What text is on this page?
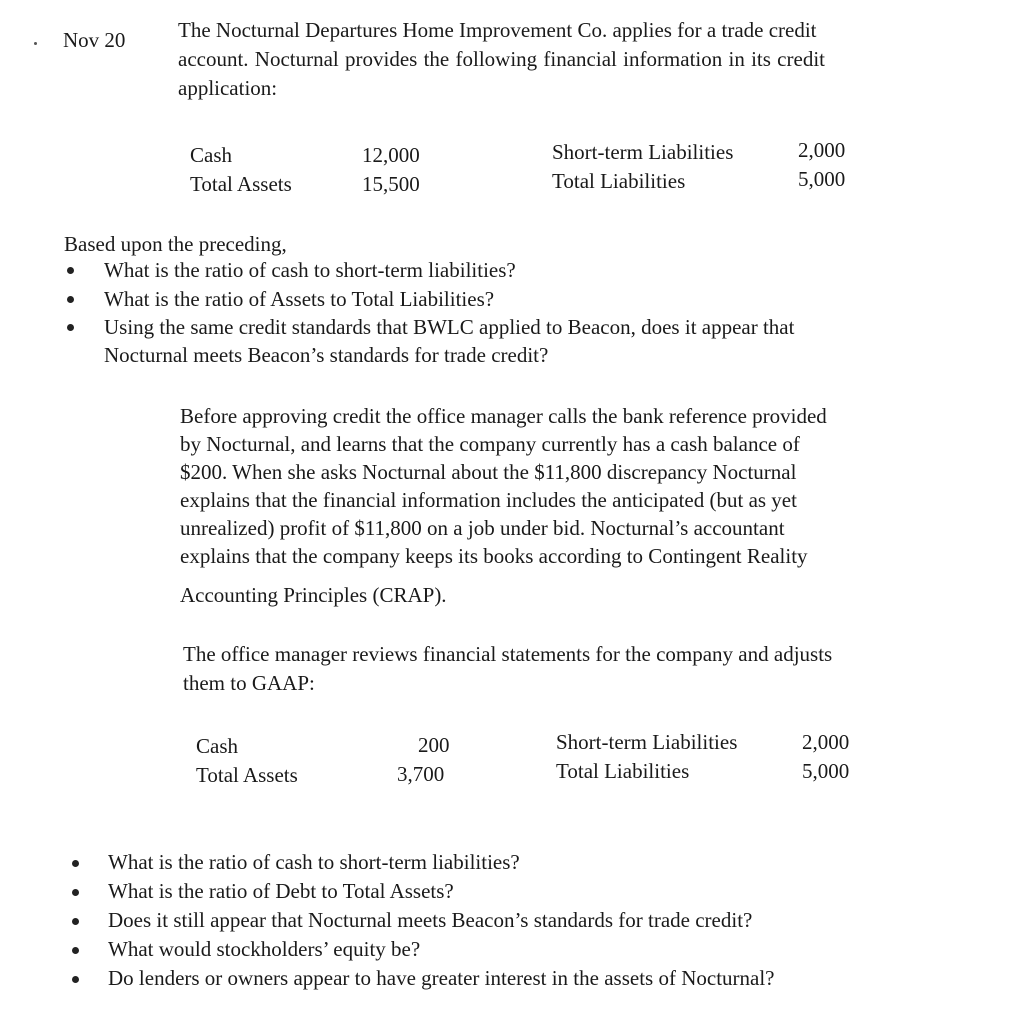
Nov 20	The Nocturnal Departures Home Improvement Co. applies for a trade credit
account. Nocturnal provides the following financial information in its credit
application:
Cash
Total Assets
12,000
15,500
Short-term Liabilities
Total Liabilities
2,000
5,000
Based upon the preceding,
What is the ratio of cash to short-term liabilities?
What is the ratio of Assets to Total Liabilities?
Using the same credit standards that BWLC applied to Beacon, does it appear that
Nocturnal meets Beacon’s standards for trade credit?
Before approving credit the office manager calls the bank reference provided
by Nocturnal, and learns that the company currently has a cash balance of
$200. When she asks Nocturnal about the $11,800 discrepancy Nocturnal
explains that the financial information includes the anticipated (but as yet
unrealized) profit of $11,800 on a job under bid. Nocturnal’s accountant
explains that the company keeps its books according to Contingent Reality
Accounting Principles (CRAP).
The office manager reviews financial statements for the company and adjusts
them to GAAP:
Cash
Total Assets
200
3,700
Short-term Liabilities
Total Liabilities
2,000
5,000
What is the ratio of cash to short-term liabilities?
What is the ratio of Debt to Total Assets?
Does it still appear that Nocturnal meets Beacon’s standards for trade credit?
What would stockholders’ equity be?
Do lenders or owners appear to have greater interest in the assets of Nocturnal?
